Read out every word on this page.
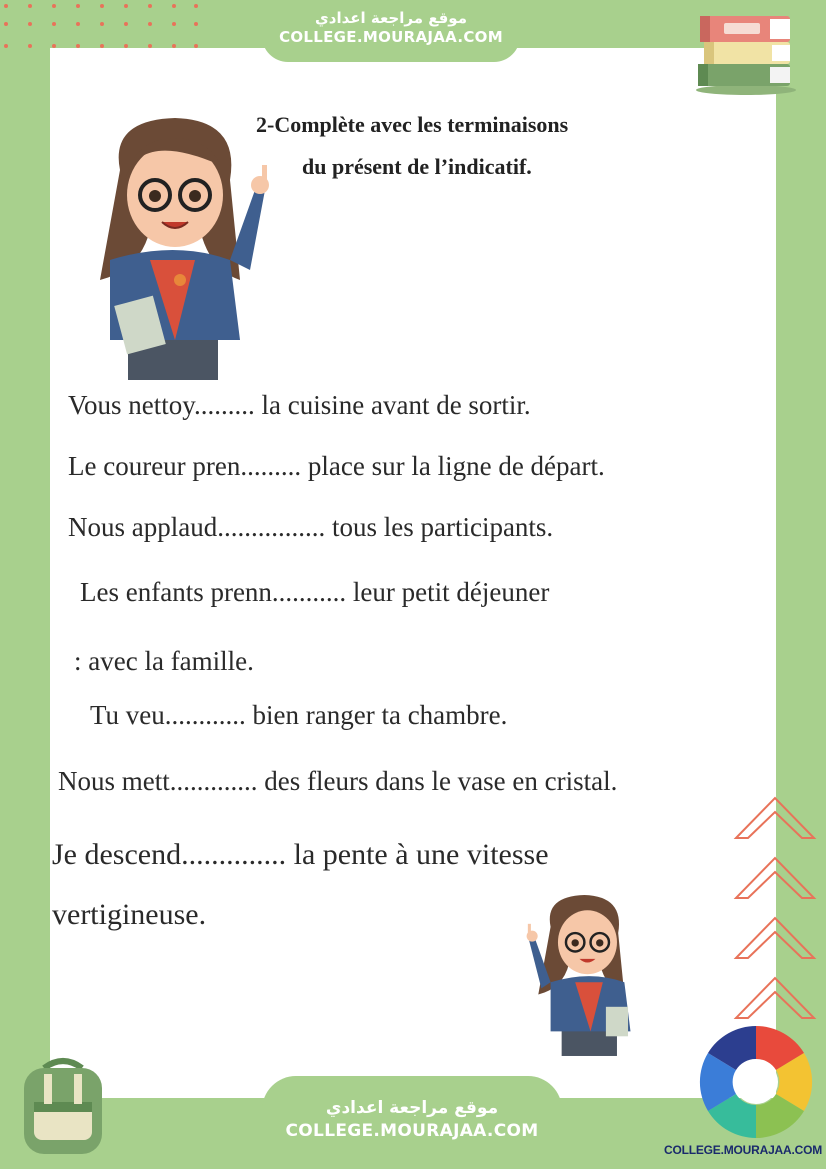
موقع مراجعة اعدادي
COLLEGE.MOURAJAA.COM
2-Complète avec les terminaisons
du présent de l’indicatif.
Vous nettoy......... la cuisine avant de sortir.
Le coureur pren......... place sur la ligne de départ.
Nous applaud................ tous les participants.
Les enfants prenn........... leur petit déjeuner
: avec la famille.
Tu veu............ bien ranger ta chambre.
Nous mett............. des fleurs dans le vase en cristal.
Je descend.............. la pente à une vitesse
vertigineuse.
موقع مراجعة اعدادي
COLLEGE.MOURAJAA.COM
COLLEGE.MOURAJAA.COM
